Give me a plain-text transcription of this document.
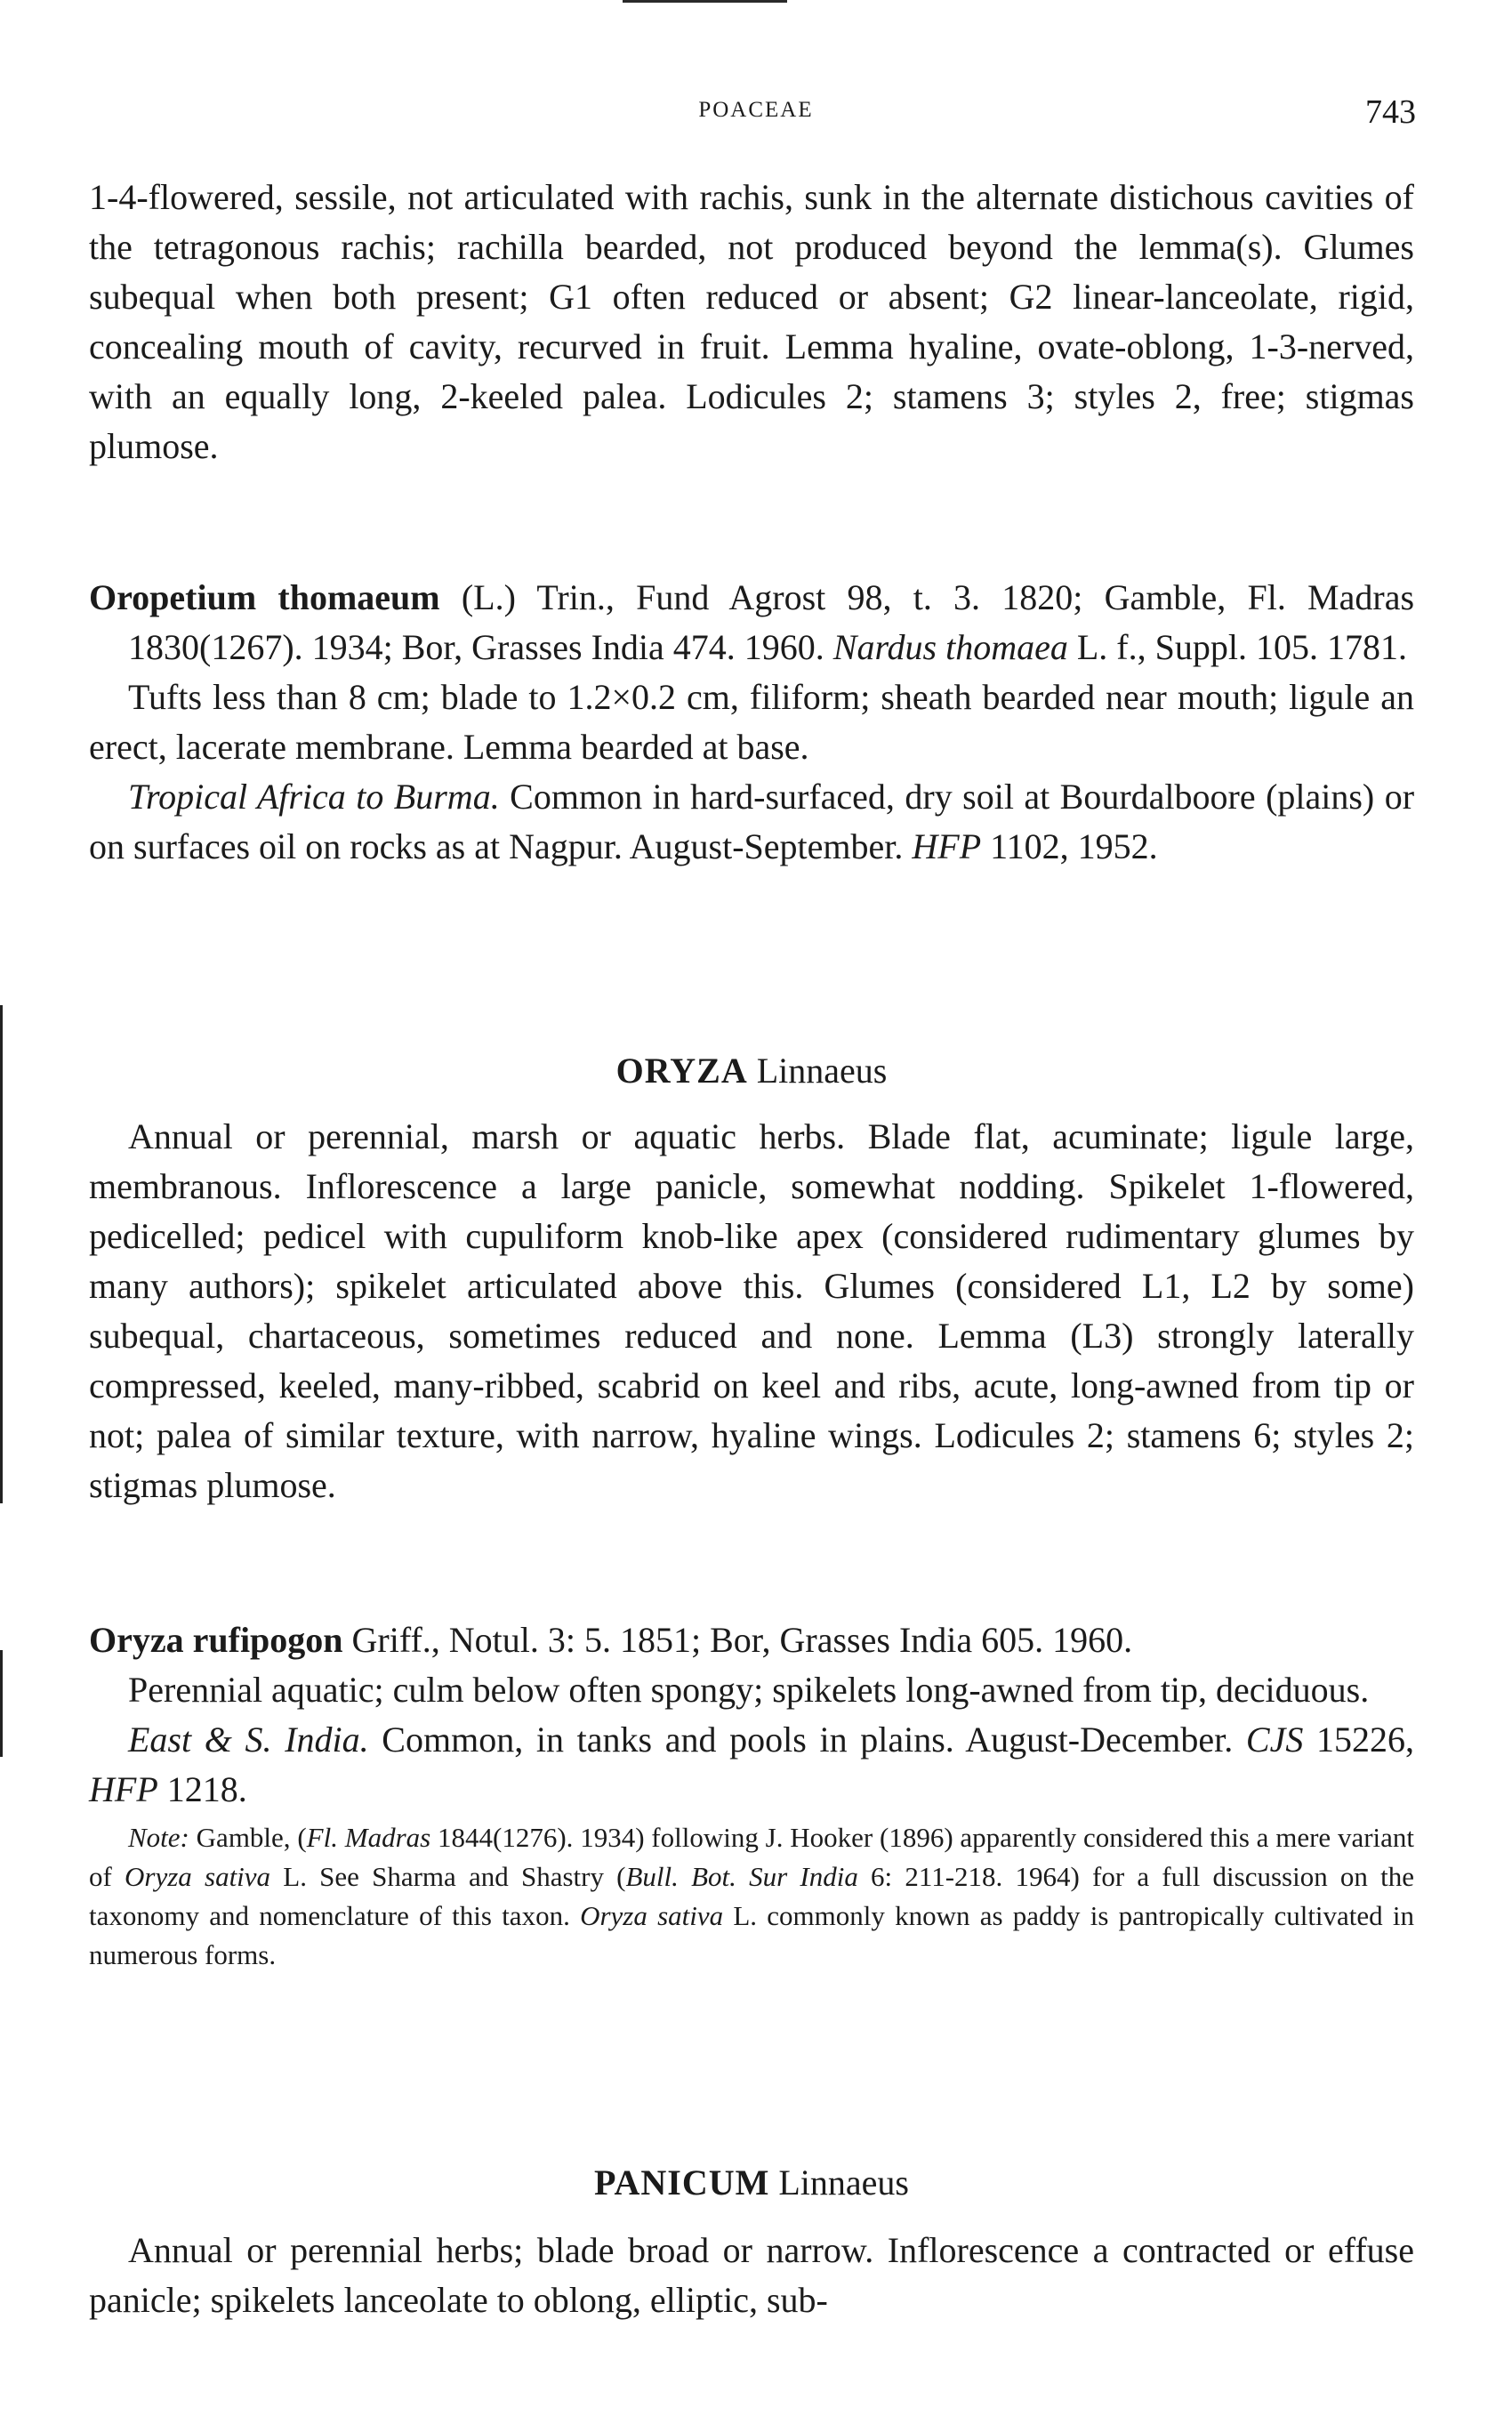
POACEAE	743

1-4-flowered, sessile, not articulated with rachis, sunk in the alternate distichous cavities of the tetragonous rachis; rachilla bearded, not produced beyond the lemma(s). Glumes subequal when both present; G1 often reduced or absent; G2 linear-lanceolate, rigid, concealing mouth of cavity, recurved in fruit. Lemma hyaline, ovate-oblong, 1-3-nerved, with an equally long, 2-keeled palea. Lodicules 2; stamens 3; styles 2, free; stigmas plumose.

Oropetium thomaeum (L.) Trin., Fund Agrost 98, t. 3. 1820; Gamble, Fl. Madras 1830(1267). 1934; Bor, Grasses India 474. 1960. Nardus thomaea L. f., Suppl. 105. 1781.

Tufts less than 8 cm; blade to 1.2×0.2 cm, filiform; sheath bearded near mouth; ligule an erect, lacerate membrane. Lemma bearded at base.

Tropical Africa to Burma. Common in hard-surfaced, dry soil at Bourdalboore (plains) or on surfaces oil on rocks as at Nagpur. August-September. HFP 1102, 1952.

ORYZA Linnaeus

Annual or perennial, marsh or aquatic herbs. Blade flat, acuminate; ligule large, membranous. Inflorescence a large panicle, somewhat nodding. Spikelet 1-flowered, pedicelled; pedicel with cupuliform knob-like apex (considered rudimentary glumes by many authors); spikelet articulated above this. Glumes (considered L1, L2 by some) subequal, chartaceous, sometimes reduced and none. Lemma (L3) strongly laterally compressed, keeled, many-ribbed, scabrid on keel and ribs, acute, long-awned from tip or not; palea of similar texture, with narrow, hyaline wings. Lodicules 2; stamens 6; styles 2; stigmas plumose.

Oryza rufipogon Griff., Notul. 3: 5. 1851; Bor, Grasses India 605. 1960.

Perennial aquatic; culm below often spongy; spikelets long-awned from tip, deciduous.

East & S. India. Common, in tanks and pools in plains. August-December. CJS 15226, HFP 1218.

Note: Gamble, (Fl. Madras 1844(1276). 1934) following J. Hooker (1896) apparently considered this a mere variant of Oryza sativa L. See Sharma and Shastry (Bull. Bot. Sur India 6: 211-218. 1964) for a full discussion on the taxonomy and nomenclature of this taxon. Oryza sativa L. commonly known as paddy is pantropically cultivated in numerous forms.

PANICUM Linnaeus

Annual or perennial herbs; blade broad or narrow. Inflorescence a contracted or effuse panicle; spikelets lanceolate to oblong, elliptic, sub-
